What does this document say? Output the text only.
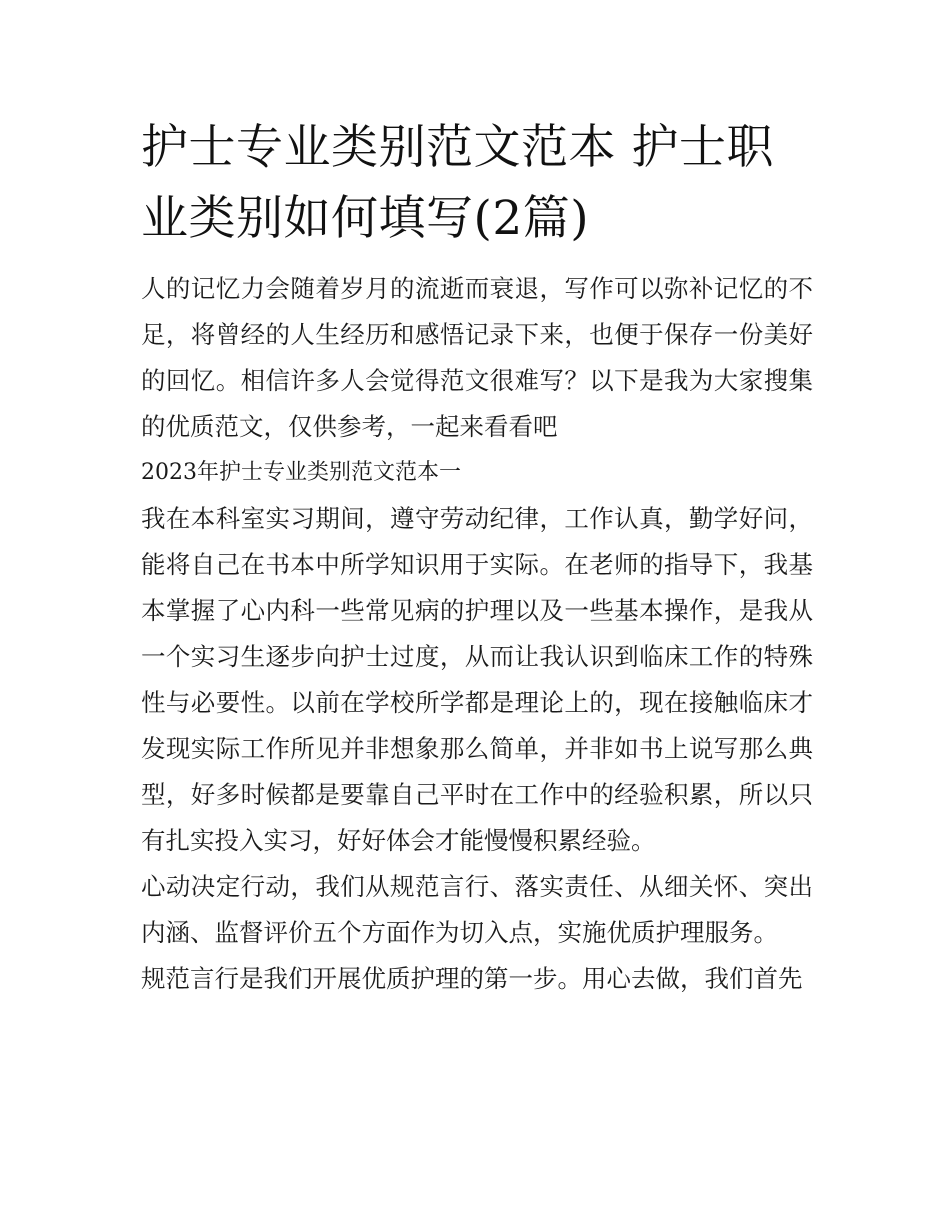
护士专业类别范文范本 护士职业类别如何填写(2篇)

人的记忆力会随着岁月的流逝而衰退，写作可以弥补记忆的不足，将曾经的人生经历和感悟记录下来，也便于保存一份美好的回忆。相信许多人会觉得范文很难写？以下是我为大家搜集的优质范文，仅供参考，一起来看看吧

2023年护士专业类别范文范本一

我在本科室实习期间，遵守劳动纪律，工作认真，勤学好问，能将自己在书本中所学知识用于实际。在老师的指导下，我基本掌握了心内科一些常见病的护理以及一些基本操作，是我从一个实习生逐步向护士过度，从而让我认识到临床工作的特殊性与必要性。以前在学校所学都是理论上的，现在接触临床才发现实际工作所见并非想象那么简单，并非如书上说写那么典型，好多时候都是要靠自己平时在工作中的经验积累，所以只有扎实投入实习，好好体会才能慢慢积累经验。

心动决定行动，我们从规范言行、落实责任、从细关怀、突出内涵、监督评价五个方面作为切入点，实施优质护理服务。

规范言行是我们开展优质护理的第一步。用心去做，我们首先
